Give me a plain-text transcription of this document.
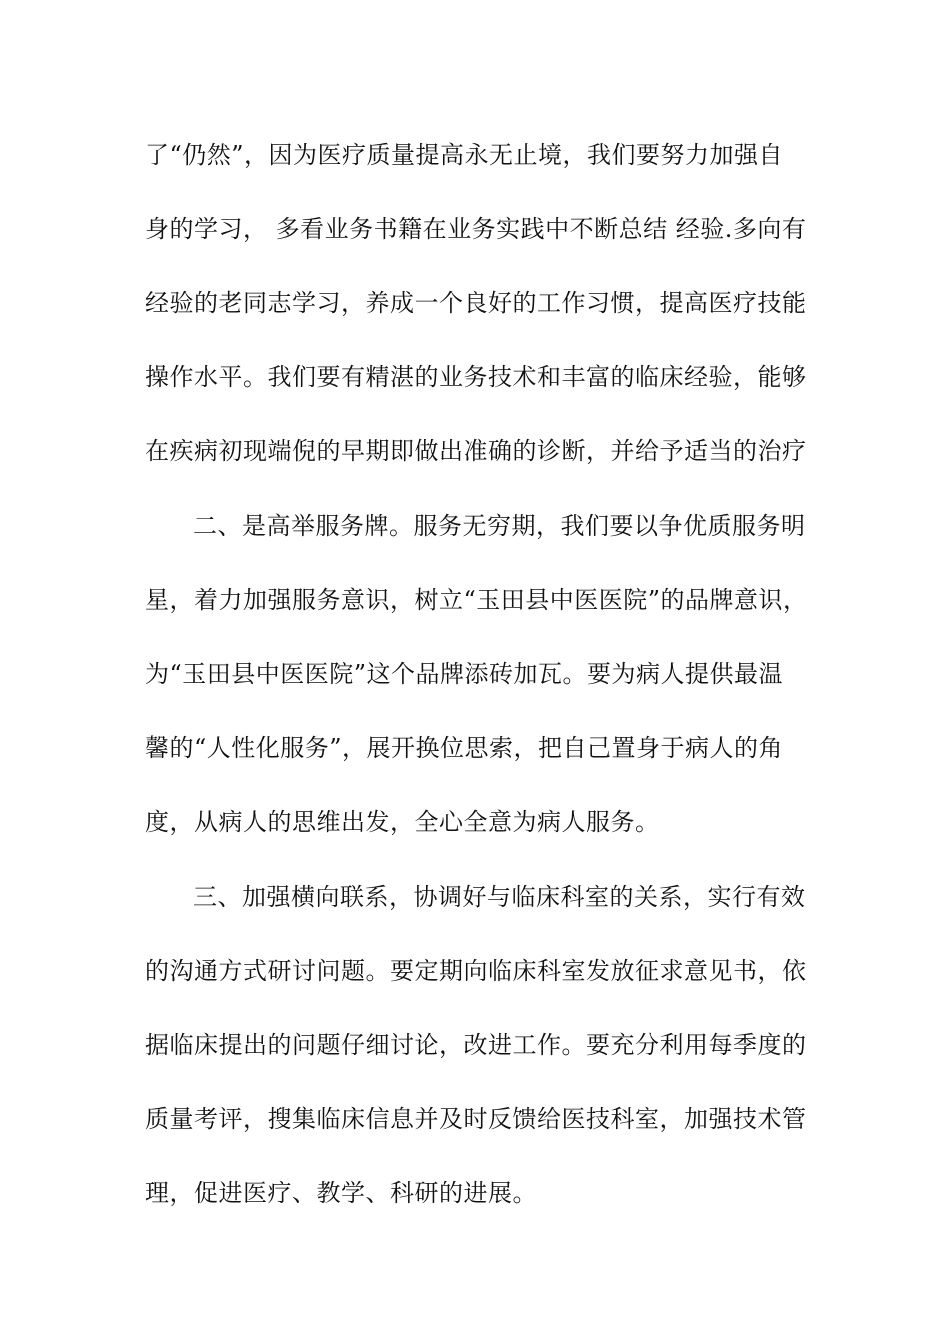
了“仍然”，因为医疗质量提高永无止境，我们要努力加强自
身的学习， 多看业务书籍在业务实践中不断总结 经验.多向有
经验的老同志学习，养成一个良好的工作习惯，提高医疗技能
操作水平。我们要有精湛的业务技术和丰富的临床经验，能够
在疾病初现端倪的早期即做出准确的诊断，并给予适当的治疗
二、是高举服务牌。服务无穷期，我们要以争优质服务明
星，着力加强服务意识，树立“玉田县中医医院”的品牌意识，
为“玉田县中医医院”这个品牌添砖加瓦。要为病人提供最温
馨的“人性化服务”，展开换位思索，把自己置身于病人的角
度，从病人的思维出发，全心全意为病人服务。
三、加强横向联系，协调好与临床科室的关系，实行有效
的沟通方式研讨问题。要定期向临床科室发放征求意见书，依
据临床提出的问题仔细讨论，改进工作。要充分利用每季度的
质量考评，搜集临床信息并及时反馈给医技科室，加强技术管
理，促进医疗、教学、科研的进展。
